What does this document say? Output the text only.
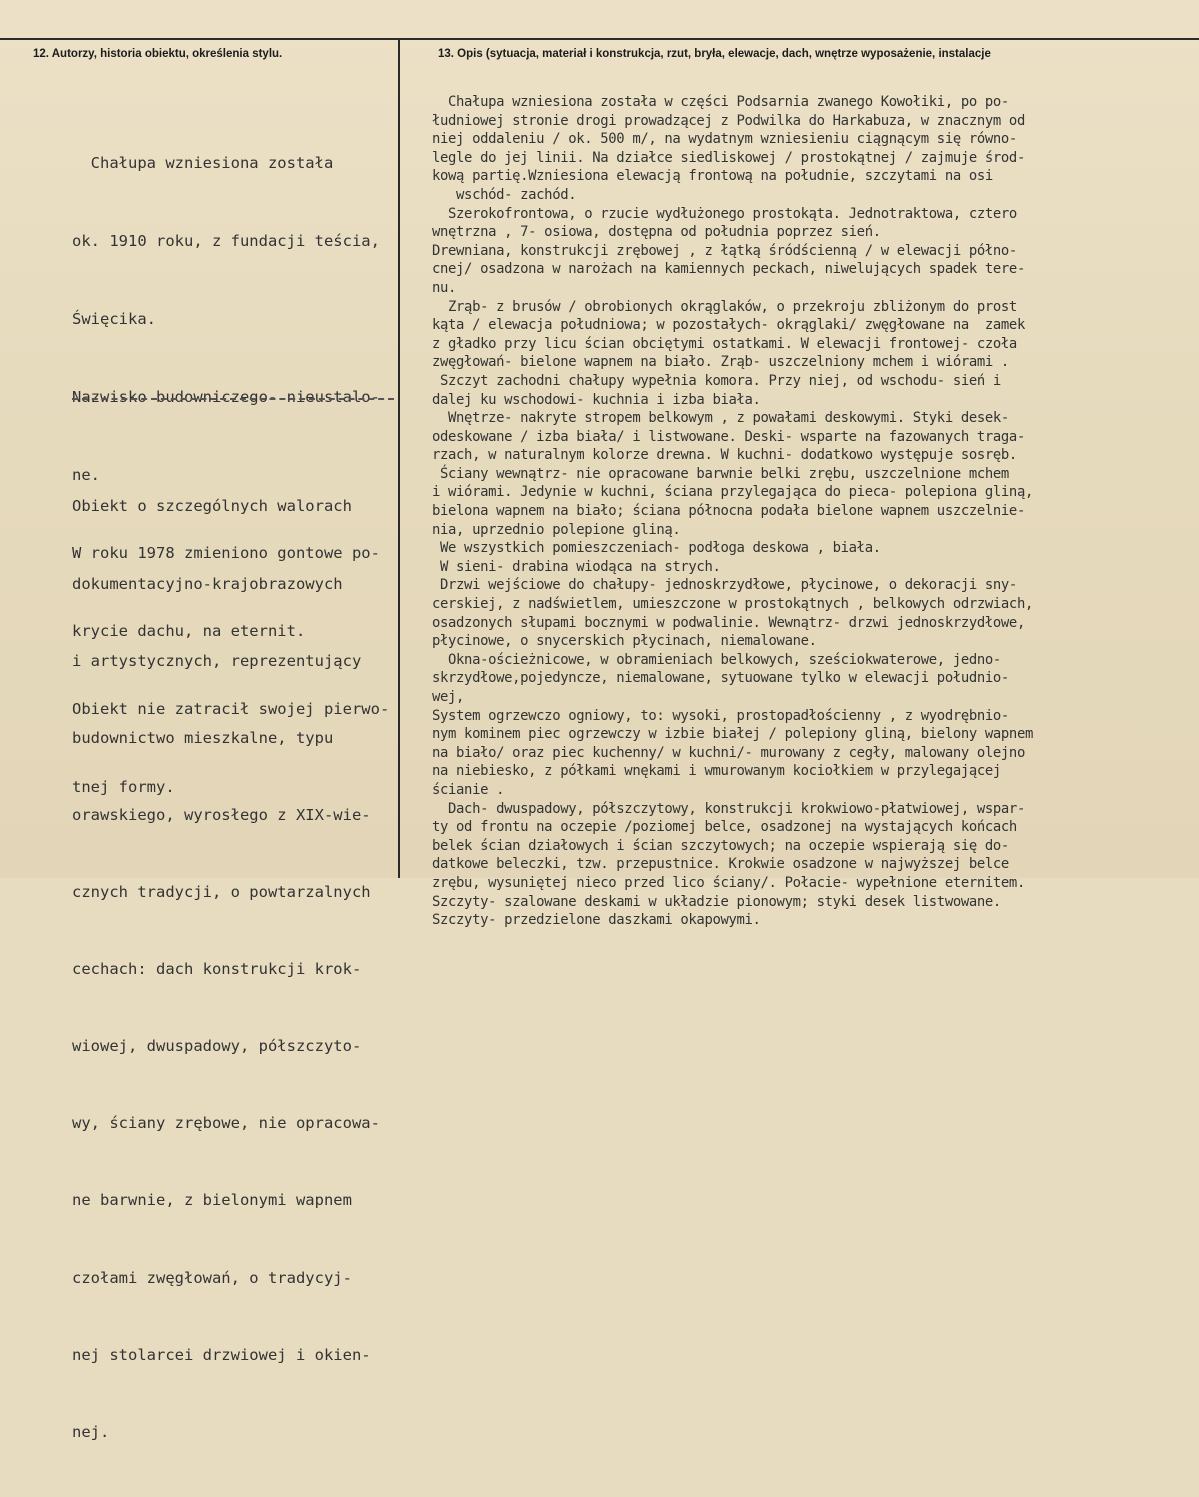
12. Autorzy, historia obiektu, określenia stylu.	13. Opis (sytuacja, materiał i konstrukcja, rzut, bryła, elewacje, dach, wnętrze wyposażenie, instalacje

Chałupa wzniesiona została

ok. 1910 roku, z fundacji teścia,

Święcika.

Nazwisko budowniczego- nieustalo-

ne.

W roku 1978 zmieniono gontowe po-

krycie dachu, na eternit.

Obiekt nie zatracił swojej pierwo-

tnej formy.

Obiekt o szczególnych walorach

dokumentacyjno-krajobrazowych

i artystycznych, reprezentujący

budownictwo mieszkalne, typu

orawskiego, wyrosłego z XIX-wie-

cznych tradycji, o powtarzalnych

cechach: dach konstrukcji krok-

wiowej, dwuspadowy, półszczyto-

wy, ściany zrębowe, nie opracowa-

ne barwnie, z bielonymi wapnem

czołami zwęgłowań, o tradycyj-

nej stolarcei drzwiowej i okien-

nej.

Chałupa wzniesiona została w części Podsarnia zwanego Kowołiki, po po-
łudniowej stronie drogi prowadzącej z Podwilka do Harkabuza, w znacznym od
niej oddaleniu / ok. 500 m/, na wydatnym wzniesieniu ciągnącym się równo-
legle do jej linii. Na działce siedliskowej / prostokątnej / zajmuje środ-
kową partię.Wzniesiona elewacją frontową na południe, szczytami na osi
wschód- zachód.
Szerokofrontowa, o rzucie wydłużonego prostokąta. Jednotraktowa, cztero
wnętrzna , 7- osiowa, dostępna od południa poprzez sień.
Drewniana, konstrukcji zrębowej , z łątką śródścienną / w elewacji półno-
cnej/ osadzona w narożach na kamiennych peckach, niwelujących spadek tere-
nu.
Zrąb- z brusów / obrobionych okrąglaków, o przekroju zbliżonym do prost
kąta / elewacja południowa; w pozostałych- okrąglaki/ zwęgłowane na  zamek
z gładko przy licu ścian obciętymi ostatkami. W elewacji frontowej- czoła
zwęgłowań- bielone wapnem na biało. Zrąb- uszczelniony mchem i wiórami .
Szczyt zachodni chałupy wypełnia komora. Przy niej, od wschodu- sień i
dalej ku wschodowi- kuchnia i izba biała.
Wnętrze- nakryte stropem belkowym , z powałami deskowymi. Styki desek-
odeskowane / izba biała/ i listwowane. Deski- wsparte na fazowanych traga-
rzach, w naturalnym kolorze drewna. W kuchni- dodatkowo występuje sosręb.
Ściany wewnątrz- nie opracowane barwnie belki zrębu, uszczelnione mchem
i wiórami. Jedynie w kuchni, ściana przylegająca do pieca- polepiona gliną,
bielona wapnem na biało; ściana północna podała bielone wapnem uszczelnie-
nia, uprzednio polepione gliną.
We wszystkich pomieszczeniach- podłoga deskowa , biała.
W sieni- drabina wiodąca na strych.
Drzwi wejściowe do chałupy- jednoskrzydłowe, płycinowe, o dekoracji sny-
cerskiej, z nadświetlem, umieszczone w prostokątnych , belkowych odrzwiach,
osadzonych słupami bocznymi w podwalinie. Wewnątrz- drzwi jednoskrzydłowe,
płycinowe, o snycerskich płycinach, niemalowane.
Okna-ościeżnicowe, w obramieniach belkowych, sześciokwaterowe, jedno-
skrzydłowe,pojedyncze, niemalowane, sytuowane tylko w elewacji południo-
wej,
System ogrzewczo ogniowy, to: wysoki, prostopadłościenny , z wyodrębnio-
nym kominem piec ogrzewczy w izbie białej / polepiony gliną, bielony wapnem
na biało/ oraz piec kuchenny/ w kuchni/- murowany z cegły, malowany olejno
na niebiesko, z półkami wnękami i wmurowanym kociołkiem w przylegającej
ścianie .
Dach- dwuspadowy, półszczytowy, konstrukcji krokwiowo-płatwiowej, wspar-
ty od frontu na oczepie /poziomej belce, osadzonej na wystających końcach
belek ścian działowych i ścian szczytowych; na oczepie wspierają się do-
datkowe beleczki, tzw. przepustnice. Krokwie osadzone w najwyższej belce
zrębu, wysuniętej nieco przed lico ściany/. Połacie- wypełnione eternitem.
Szczyty- szalowane deskami w układzie pionowym; styki desek listwowane.
Szczyty- przedzielone daszkami okapowymi.
